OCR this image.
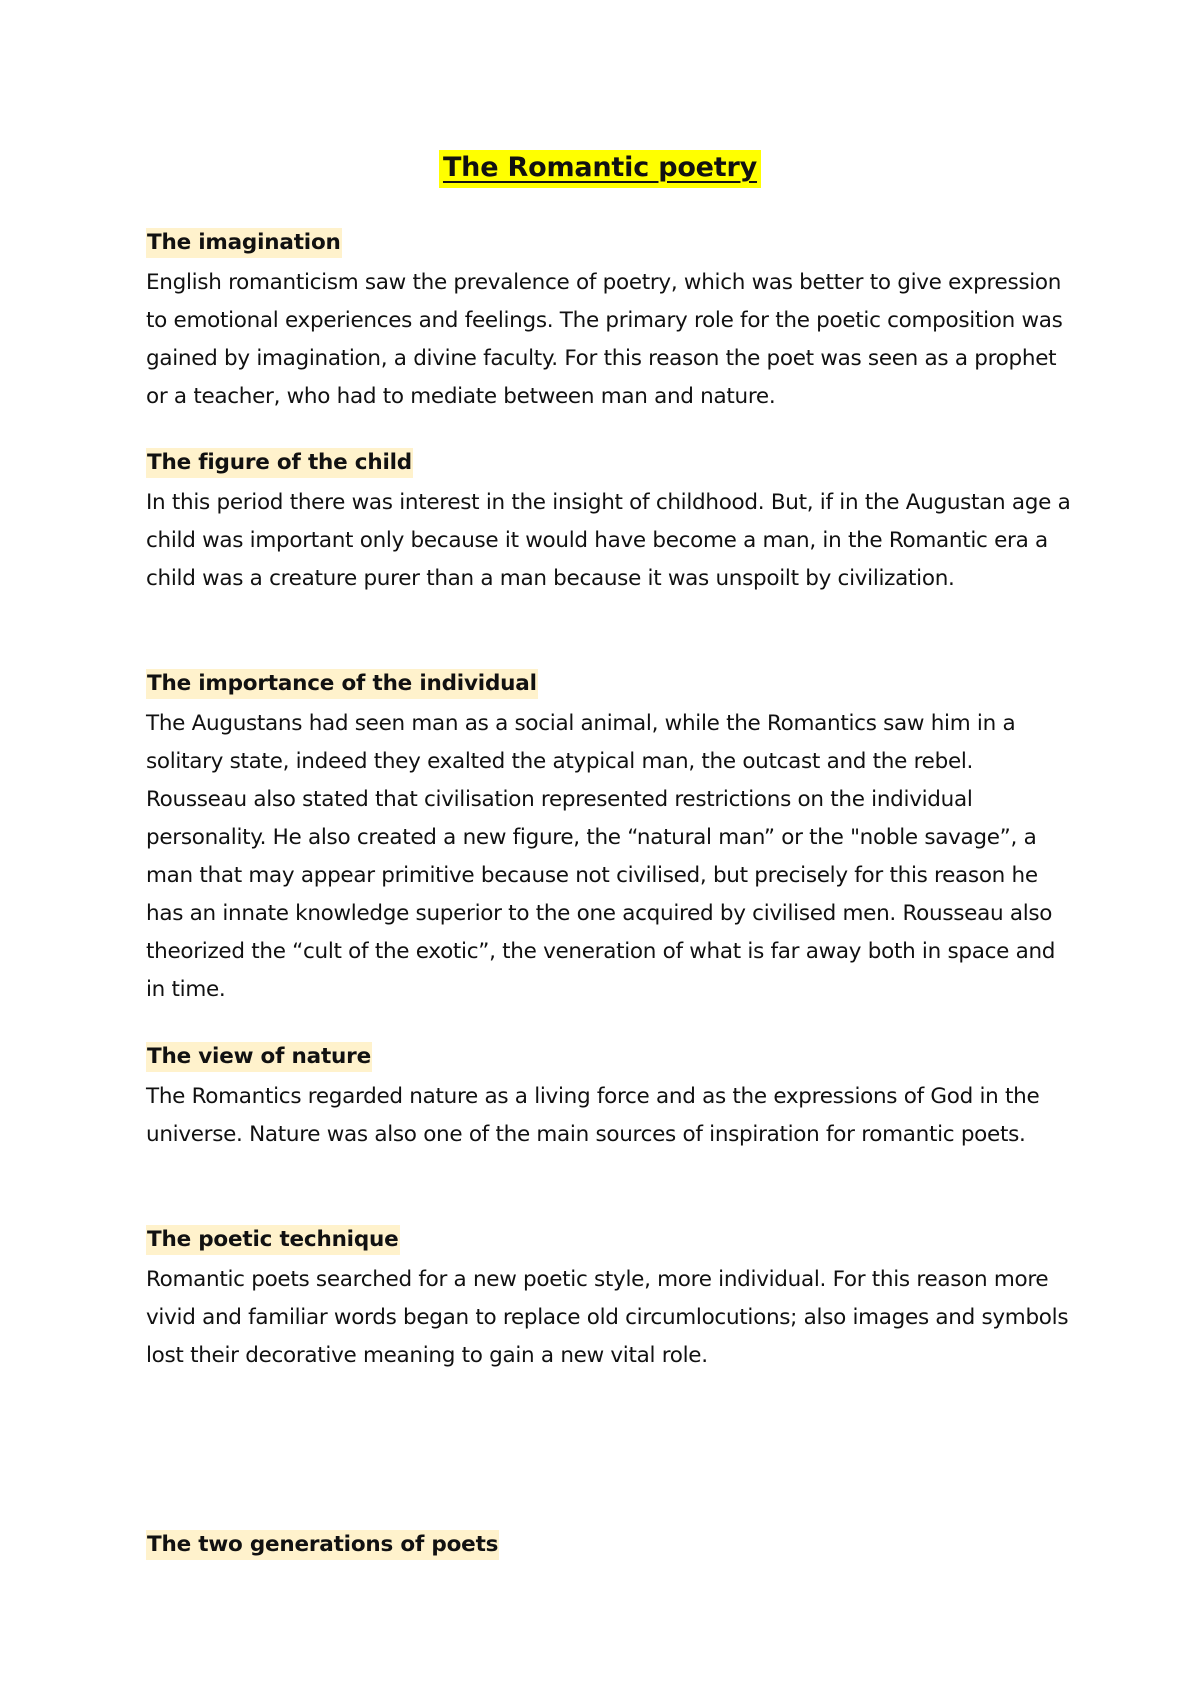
The Romantic poetry
The imagination

English romanticism saw the prevalence of poetry, which was better to give expression to emotional experiences and feelings. The primary role for the poetic composition was gained by imagination, a divine faculty. For this reason the poet was seen as a prophet or a teacher, who had to mediate between man and nature.

The figure of the child

In this period there was interest in the insight of childhood. But, if in the Augustan age a child was important only because it would have become a man, in the Romantic era a child was a creature purer than a man because it was unspoilt by civilization.

The importance of the individual

The Augustans had seen man as a social animal, while the Romantics saw him in a solitary state, indeed they exalted the atypical man, the outcast and the rebel. Rousseau also stated that civilisation represented restrictions on the individual personality. He also created a new figure, the “natural man” or the "noble savage”, a man that may appear primitive because not civilised, but precisely for this reason he has an innate knowledge superior to the one acquired by civilised men. Rousseau also theorized the “cult of the exotic”, the veneration of what is far away both in space and in time.

The view of nature

The Romantics regarded nature as a living force and as the expressions of God in the universe. Nature was also one of the main sources of inspiration for romantic poets.

The poetic technique

Romantic poets searched for a new poetic style, more individual. For this reason more vivid and familiar words began to replace old circumlocutions; also images and symbols lost their decorative meaning to gain a new vital role.

The two generations of poets
